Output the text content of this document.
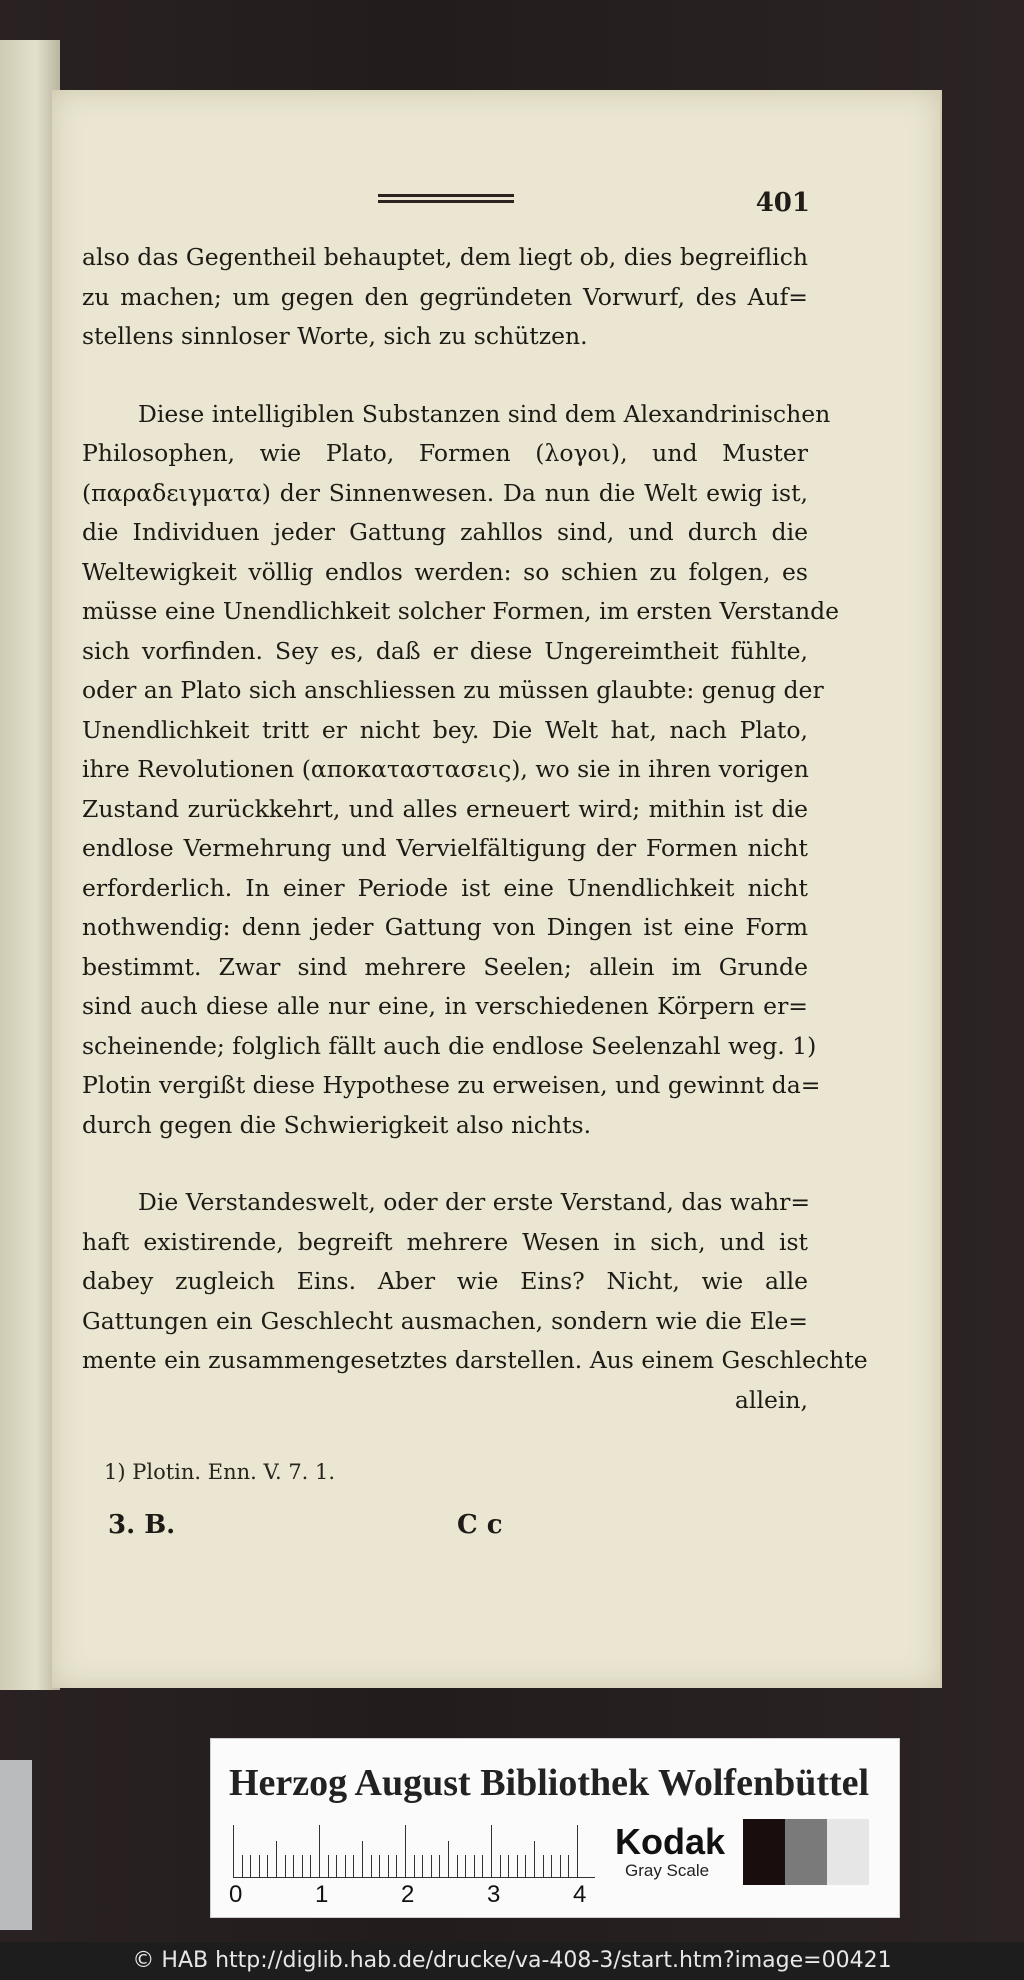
401
also das Gegentheil behauptet, dem liegt ob, dies begreiflich
zu machen; um gegen den gegründeten Vorwurf, des Auf=
stellens sinnloser Worte, sich zu schützen.
Diese intelligiblen Substanzen sind dem Alexandrinischen
Philosophen, wie Plato, Formen (λογοι), und Muster
(παραδειγματα) der Sinnenwesen. Da nun die Welt ewig ist,
die Individuen jeder Gattung zahllos sind, und durch die
Weltewigkeit völlig endlos werden: so schien zu folgen, es
müsse eine Unendlichkeit solcher Formen, im ersten Verstande
sich vorfinden. Sey es, daß er diese Ungereimtheit fühlte,
oder an Plato sich anschliessen zu müssen glaubte: genug der
Unendlichkeit tritt er nicht bey. Die Welt hat, nach Plato,
ihre Revolutionen (αποκαταστασεις), wo sie in ihren vorigen
Zustand zurückkehrt, und alles erneuert wird; mithin ist die
endlose Vermehrung und Vervielfältigung der Formen nicht
erforderlich. In einer Periode ist eine Unendlichkeit nicht
nothwendig: denn jeder Gattung von Dingen ist eine Form
bestimmt. Zwar sind mehrere Seelen; allein im Grunde
sind auch diese alle nur eine, in verschiedenen Körpern er=
scheinende; folglich fällt auch die endlose Seelenzahl weg. 1)
Plotin vergißt diese Hypothese zu erweisen, und gewinnt da=
durch gegen die Schwierigkeit also nichts.
Die Verstandeswelt, oder der erste Verstand, das wahr=
haft existirende, begreift mehrere Wesen in sich, und ist
dabey zugleich Eins. Aber wie Eins? Nicht, wie alle
Gattungen ein Geschlecht ausmachen, sondern wie die Ele=
mente ein zusammengesetztes darstellen. Aus einem Geschlechte
allein,
1) Plotin. Enn. V. 7. 1.
3. B.	C c
Herzog August Bibliothek Wolfenbüttel
0	1	2	3	4
Kodak
Gray Scale
© HAB http://diglib.hab.de/drucke/va-408-3/start.htm?image=00421
